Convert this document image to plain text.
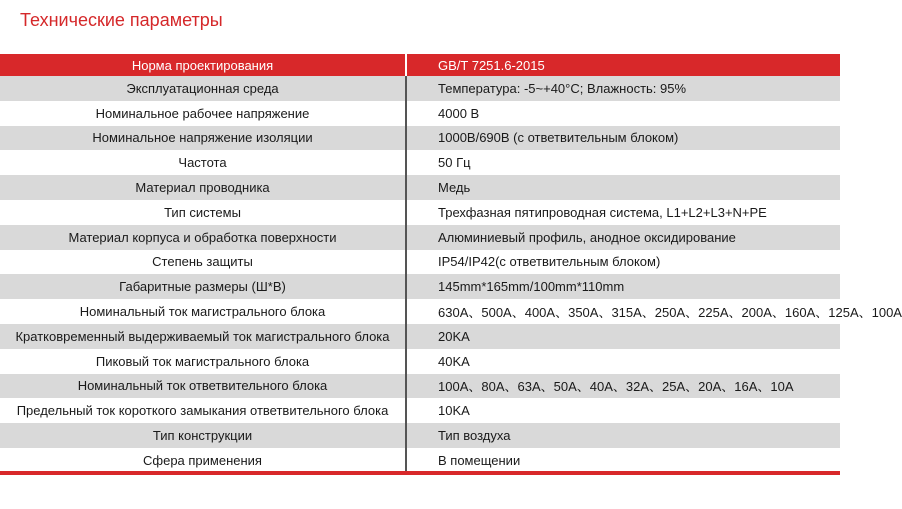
Технические параметры
Норма проектирования	GB/T 7251.6-2015
Эксплуатационная среда	Температура: -5~+40°C; Влажность: 95%
Номинальное рабочее напряжение	4000 В
Номинальное напряжение изоляции	1000В/690В (с ответвительным блоком)
Частота	50 Гц
Материал проводника	Медь
Тип системы	Трехфазная пятипроводная система, L1+L2+L3+N+PE
Материал корпуса и обработка поверхности	Алюминиевый профиль, анодное оксидирование
Степень защиты	IP54/IP42(с ответвительным блоком)
Габаритные размеры (Ш*В)	145mm*165mm/100mm*110mm
Номинальный ток магистрального блока	630A、500A、400A、350A、315A、250A、225A、200A、160A、125A、100A
Кратковременный выдерживаемый ток магистрального блока	20KA
Пиковый ток магистрального блока	40KA
Номинальный ток ответвительного блока	100A、80A、63A、50A、40A、32A、25A、20A、16A、10A
Предельный ток короткого замыкания ответвительного блока	10KA
Тип конструкции	Тип воздуха
Сфера применения	В помещении
